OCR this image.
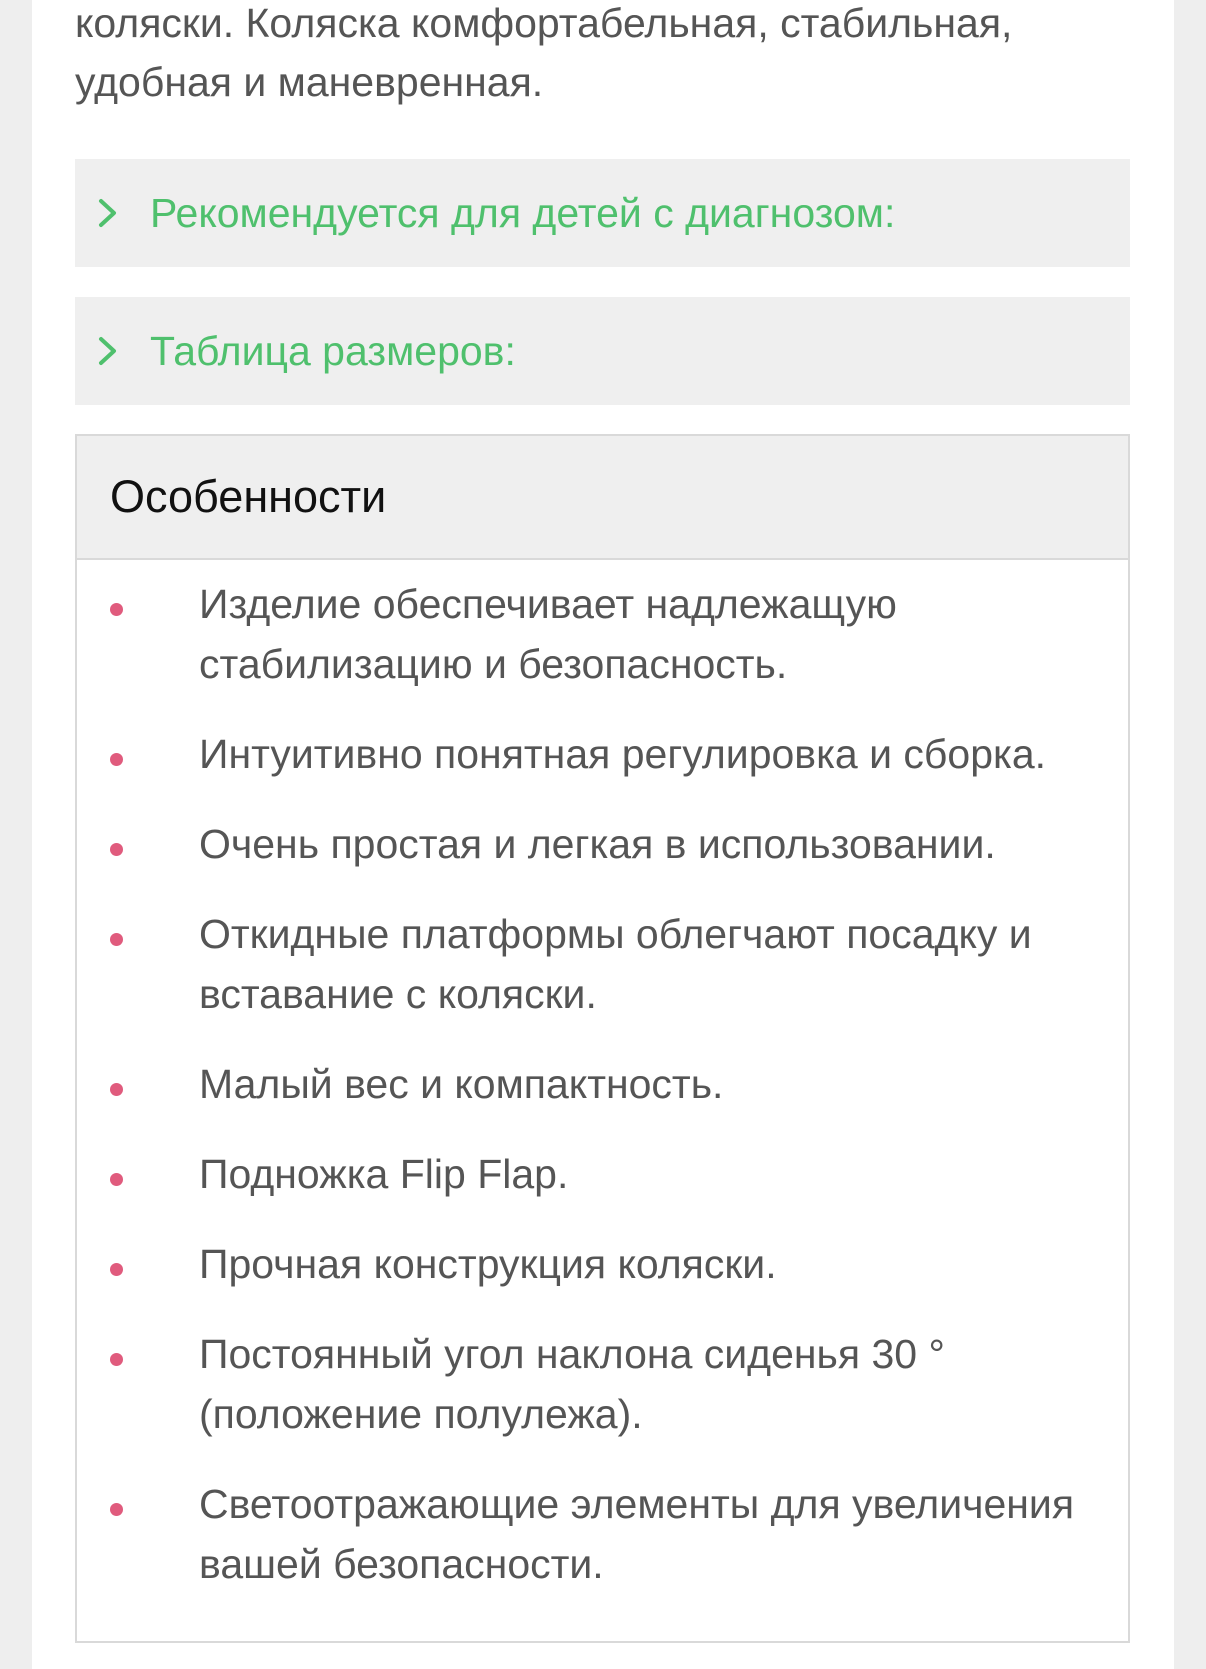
коляски. Коляска комфортабельная, стабильная, удобная и маневренная.

Рекомендуется для детей с диагнозом:
Таблица размеров:
Особенности
Изделие обеспечивает надлежащую стабилизацию и безопасность.
Интуитивно понятная регулировка и сборка.
Очень простая и легкая в использовании.
Откидные платформы облегчают посадку и вставание с коляски.
Малый вес и компактность.
Подножка Flip Flap.
Прочная конструкция коляски.
Постоянный угол наклона сиденья 30 ° (положение полулежа).
Светоотражающие элементы для увеличения вашей безопасности.
